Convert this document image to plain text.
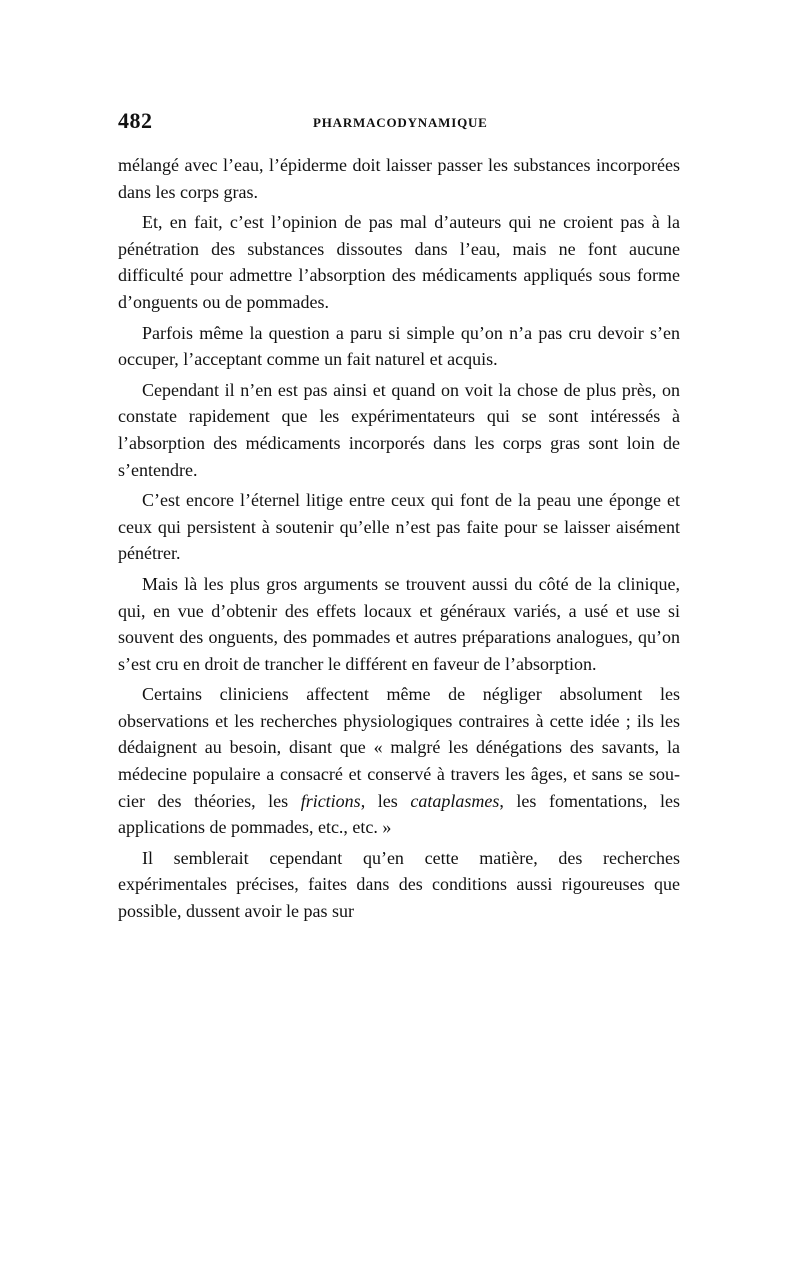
482	PHARMACODYNAMIQUE

mélangé avec l’eau, l’épiderme doit laisser passer les substances incorporées dans les corps gras.

Et, en fait, c’est l’opinion de pas mal d’auteurs qui ne croient pas à la pénétration des substances dissoutes dans l’eau, mais ne font aucune difficulté pour admettre l’absorption des médicaments appliqués sous forme d’onguents ou de pommades.

Parfois même la question a paru si simple qu’on n’a pas cru devoir s’en occuper, l’acceptant comme un fait naturel et acquis.

Cependant il n’en est pas ainsi et quand on voit la chose de plus près, on constate rapidement que les expérimentateurs qui se sont intéressés à l’absorption des médicaments incorporés dans les corps gras sont loin de s’entendre.

C’est encore l’éternel litige entre ceux qui font de la peau une éponge et ceux qui persistent à soutenir qu’elle n’est pas faite pour se laisser aisément pénétrer.

Mais là les plus gros arguments se trouvent aussi du côté de la clinique, qui, en vue d’obtenir des effets locaux et généraux variés, a usé et use si souvent des onguents, des pommades et autres préparations analogues, qu’on s’est cru en droit de trancher le différent en faveur de l’absorption.

Certains cliniciens affectent même de négliger absolument les observations et les recherches physiologiques contraires à cette idée ; ils les dédaignent au besoin, disant que « malgré les dénégations des savants, la médecine populaire a consacré et conservé à travers les âges, et sans se soucier des théories, les frictions, les cataplasmes, les fomentations, les applications de pommades, etc., etc. »

Il semblerait cependant qu’en cette matière, des recherches expérimentales précises, faites dans des conditions aussi rigoureuses que possible, dussent avoir le pas sur
